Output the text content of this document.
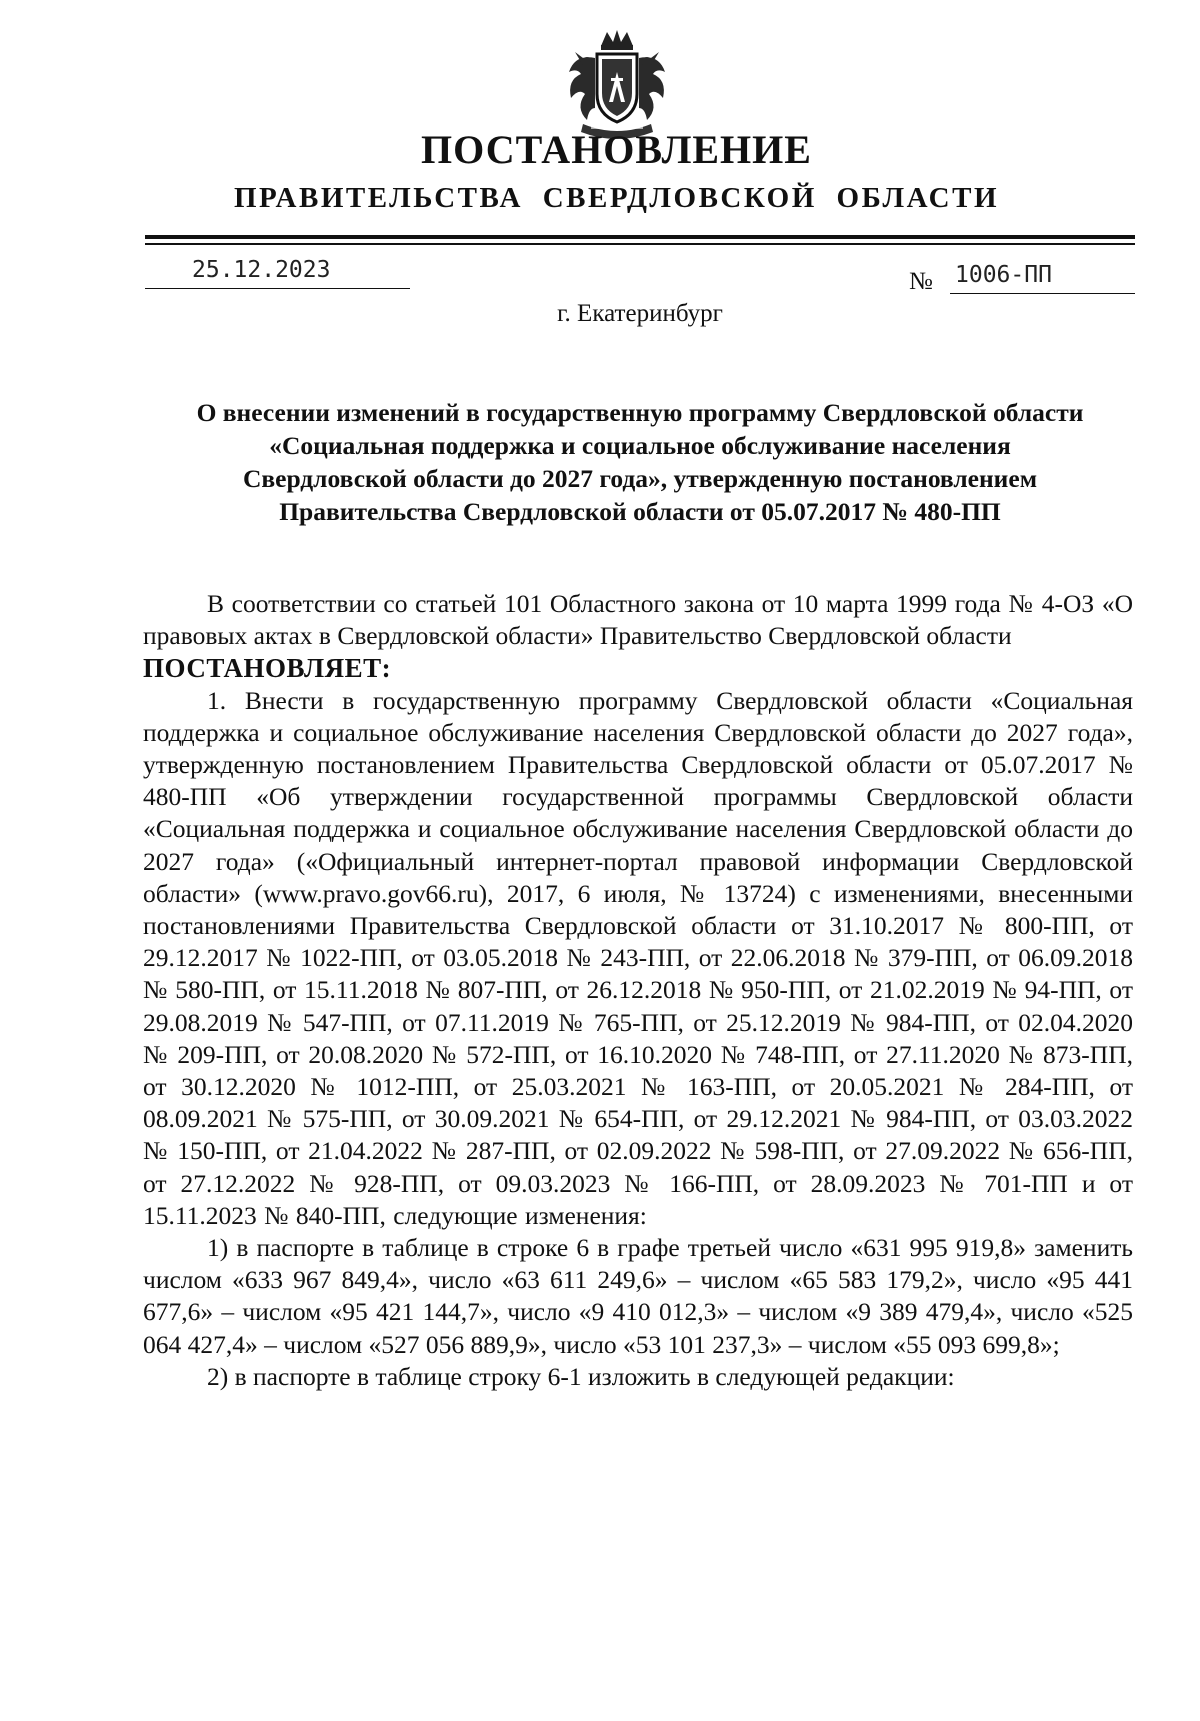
ПОСТАНОВЛЕНИЕ
ПРАВИТЕЛЬСТВА СВЕРДЛОВСКОЙ ОБЛАСТИ
25.12.2023	№ 1006-ПП
г. Екатеринбург
О внесении изменений в государственную программу Свердловской области
«Социальная поддержка и социальное обслуживание населения
Свердловской области до 2027 года», утвержденную постановлением
Правительства Свердловской области от 05.07.2017 № 480-ПП

В соответствии со статьей 101 Областного закона от 10 марта 1999 года № 4-ОЗ «О правовых актах в Свердловской области» Правительство Свердловской области

ПОСТАНОВЛЯЕТ:

1. Внести в государственную программу Свердловской области «Социальная поддержка и социальное обслуживание населения Свердловской области до 2027 года», утвержденную постановлением Правительства Свердловской области от 05.07.2017 № 480-ПП «Об утверждении государственной программы Свердловской области «Социальная поддержка и социальное обслуживание населения Свердловской области до 2027 года» («Официальный интернет-портал правовой информации Свердловской области» (www.pravo.gov66.ru), 2017, 6 июля, № 13724) с изменениями, внесенными постановлениями Правительства Свердловской области от 31.10.2017 № 800-ПП, от 29.12.2017 № 1022-ПП, от 03.05.2018 № 243-ПП, от 22.06.2018 № 379-ПП, от 06.09.2018 № 580-ПП, от 15.11.2018 № 807-ПП, от 26.12.2018 № 950-ПП, от 21.02.2019 № 94-ПП, от 29.08.2019 № 547-ПП, от 07.11.2019 № 765-ПП, от 25.12.2019 № 984-ПП, от 02.04.2020 № 209-ПП, от 20.08.2020 № 572-ПП, от 16.10.2020 № 748-ПП, от 27.11.2020 № 873-ПП, от 30.12.2020 № 1012-ПП, от 25.03.2021 № 163-ПП, от 20.05.2021 № 284-ПП, от 08.09.2021 № 575-ПП, от 30.09.2021 № 654-ПП, от 29.12.2021 № 984-ПП, от 03.03.2022 № 150-ПП, от 21.04.2022 № 287-ПП, от 02.09.2022 № 598-ПП, от 27.09.2022 № 656-ПП, от 27.12.2022 № 928-ПП, от 09.03.2023 № 166-ПП, от 28.09.2023 № 701-ПП и от 15.11.2023 № 840-ПП, следующие изменения:

1) в паспорте в таблице в строке 6 в графе третьей число «631 995 919,8» заменить числом «633 967 849,4», число «63 611 249,6» – числом «65 583 179,2», число «95 441 677,6» – числом «95 421 144,7», число «9 410 012,3» – числом «9 389 479,4», число «525 064 427,4» – числом «527 056 889,9», число «53 101 237,3» – числом «55 093 699,8»;

2) в паспорте в таблице строку 6-1 изложить в следующей редакции:
